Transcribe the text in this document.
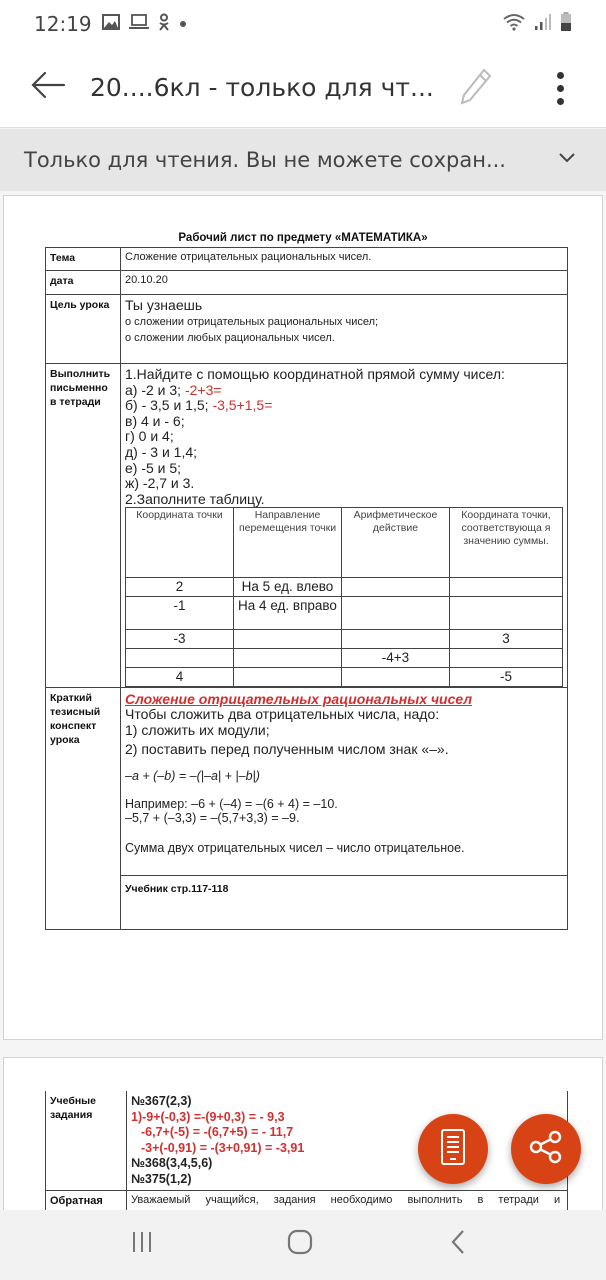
12:19
20....6кл - только для чт...
Только для чтения. Вы не можете сохран...
Рабочий лист по предмету «МАТЕМАТИКА»
Тема	Сложение отрицательных рациональных чисел.
дата	20.10.20
Цель урока	Ты узнаешь
о сложении отрицательных рациональных чисел;
о сложении любых рациональных чисел.

Выполнить
письменно
в тетради

1.Найдите с помощью координатной прямой сумму чисел:
а) -2 и 3; -2+3=
б) - 3,5 и 1,5; -3,5+1,5=
в) 4 и - 6;
г) 0 и 4;
д) - 3 и 1,4;
е) -5 и 5;
ж) -2,7 и 3.
2.Заполните таблицу.
Координата точки	Направление перемещения точки	Арифметическое действие	Координата точки, соответствующа я значению суммы.
2	На 5 ед. влево		
-1	На 4 ед. вправо		
-3			3
		-4+3	
4			-5

Краткий
тезисный
конспект
урока

Сложение отрицательных рациональных чисел
Чтобы сложить два отрицательных числа, надо:
1) сложить их модули;
2) поставить перед полученным числом знак «–».
–a + (–b) = –(|–a| + |–b|)
Например: –6 + (–4) = –(6 + 4) = –10.
–5,7 + (–3,3) = –(5,7+3,3) = –9.
Сумма двух отрицательных чисел – число отрицательное.

Учебник стр.117-118
Учебные
задания

№367(2,3)
1)-9+(-0,3) =-(9+0,3) = - 9,3
-6,7+(-5) = -(6,7+5) = - 11,7
-3+(-0,91) = -(3+0,91) = -3,91
№368(3,4,5,6)
№375(1,2)

Обратная	Уважаемый учащийся, задания необходимо выполнить в тетради и
